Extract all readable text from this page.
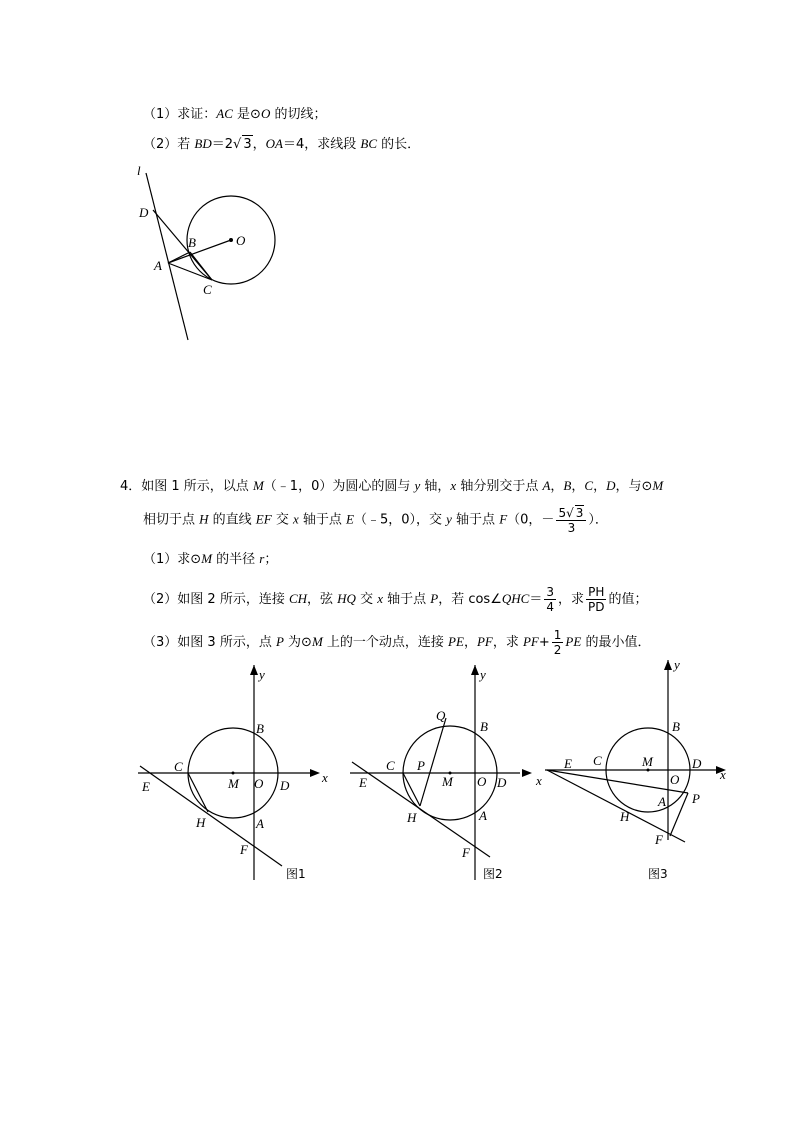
（1）求证：AC 是⊙O 的切线；
（2）若 BD＝2√ 3，OA＝4，求线段 BC 的长．
l
D
B	O
A
C
4．如图 1 所示，以点 M（﹣1，0）为圆心的圆与 y 轴，x 轴分别交于点 A，B，C，D，与⊙M
相切于点 H 的直线 EF 交 x 轴于点 E（﹣5，0），交 y 轴于点 F（0，－ $\frac{5√ 3}{3}$ ）．
（1）求⊙M 的半径 r；
（2）如图 2 所示，连接 CH，弦 HQ 交 x 轴于点 P，若 cos∠QHC＝ $\frac{3}{4}$ ，求 $\frac{PH}{PD}$ 的值；
（3）如图 3 所示，点 P 为⊙M 上的一个动点，连接 PE，PF，求 $PF+ \frac{1}{2}$ PE 的最小值．
y
x
B
C
E	M O D
H	A
F
图1
y
x
Q
B
C P
E	M O D
H	A
F
图2
y
x
B
E C	M	D
O
A P
H
F
图3
